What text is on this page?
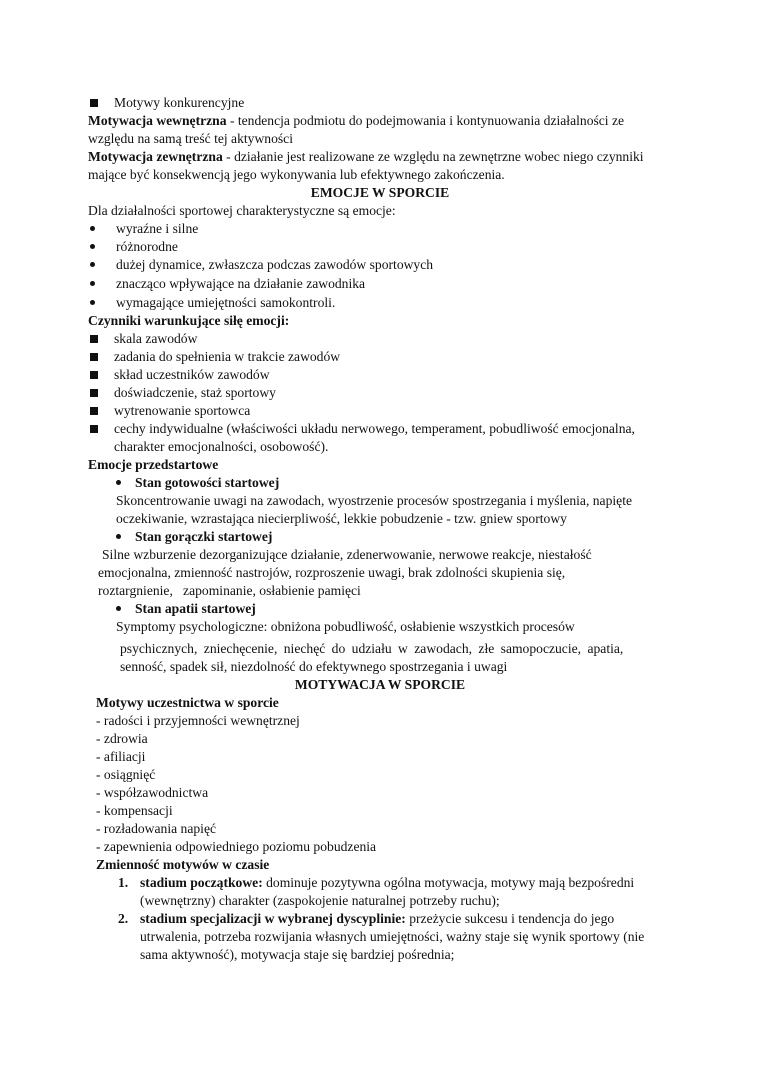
Motywy konkurencyjne
Motywacja wewnętrzna - tendencja podmiotu do podejmowania i kontynuowania działalności ze
względu na samą treść tej aktywności
Motywacja zewnętrzna - działanie jest realizowane ze względu na zewnętrzne wobec niego czynniki
mające być konsekwencją jego wykonywania lub efektywnego zakończenia.
EMOCJE W SPORCIE
Dla działalności sportowej charakterystyczne są emocje:
wyraźne i silne
różnorodne
dużej dynamice, zwłaszcza podczas zawodów sportowych
znacząco wpływające na działanie zawodnika
wymagające umiejętności samokontroli.
Czynniki warunkujące siłę emocji:
skala zawodów
zadania do spełnienia w trakcie zawodów
skład uczestników zawodów
doświadczenie, staż sportowy
wytrenowanie sportowca
cechy indywidualne (właściwości układu nerwowego, temperament, pobudliwość emocjonalna,
charakter emocjonalności, osobowość).
Emocje przedstartowe
Stan gotowości startowej
Skoncentrowanie uwagi na zawodach, wyostrzenie procesów spostrzegania i myślenia, napięte
oczekiwanie, wzrastająca niecierpliwość, lekkie pobudzenie - tzw. gniew sportowy
Stan gorączki startowej
Silne wzburzenie dezorganizujące działanie, zdenerwowanie, nerwowe reakcje, niestałość
emocjonalna, zmienność nastrojów, rozproszenie uwagi, brak zdolności skupienia się,
roztargnienie,   zapominanie, osłabienie pamięci
Stan apatii startowej
Symptomy psychologiczne: obniżona pobudliwość, osłabienie wszystkich procesów
psychicznych, zniechęcenie, niechęć do udziału w zawodach, złe samopoczucie, apatia,
senność, spadek sił, niezdolność do efektywnego spostrzegania i uwagi
MOTYWACJA W SPORCIE
Motywy uczestnictwa w sporcie
- radości i przyjemności wewnętrznej
- zdrowia
- afiliacji
- osiągnięć
- współzawodnictwa
- kompensacji
- rozładowania napięć
- zapewnienia odpowiedniego poziomu pobudzenia
Zmienność motywów w czasie
1. stadium początkowe: dominuje pozytywna ogólna motywacja, motywy mają bezpośredni
(wewnętrzny) charakter (zaspokojenie naturalnej potrzeby ruchu);
2. stadium specjalizacji w wybranej dyscyplinie: przeżycie sukcesu i tendencja do jego
utrwalenia, potrzeba rozwijania własnych umiejętności, ważny staje się wynik sportowy (nie
sama aktywność), motywacja staje się bardziej pośrednia;
